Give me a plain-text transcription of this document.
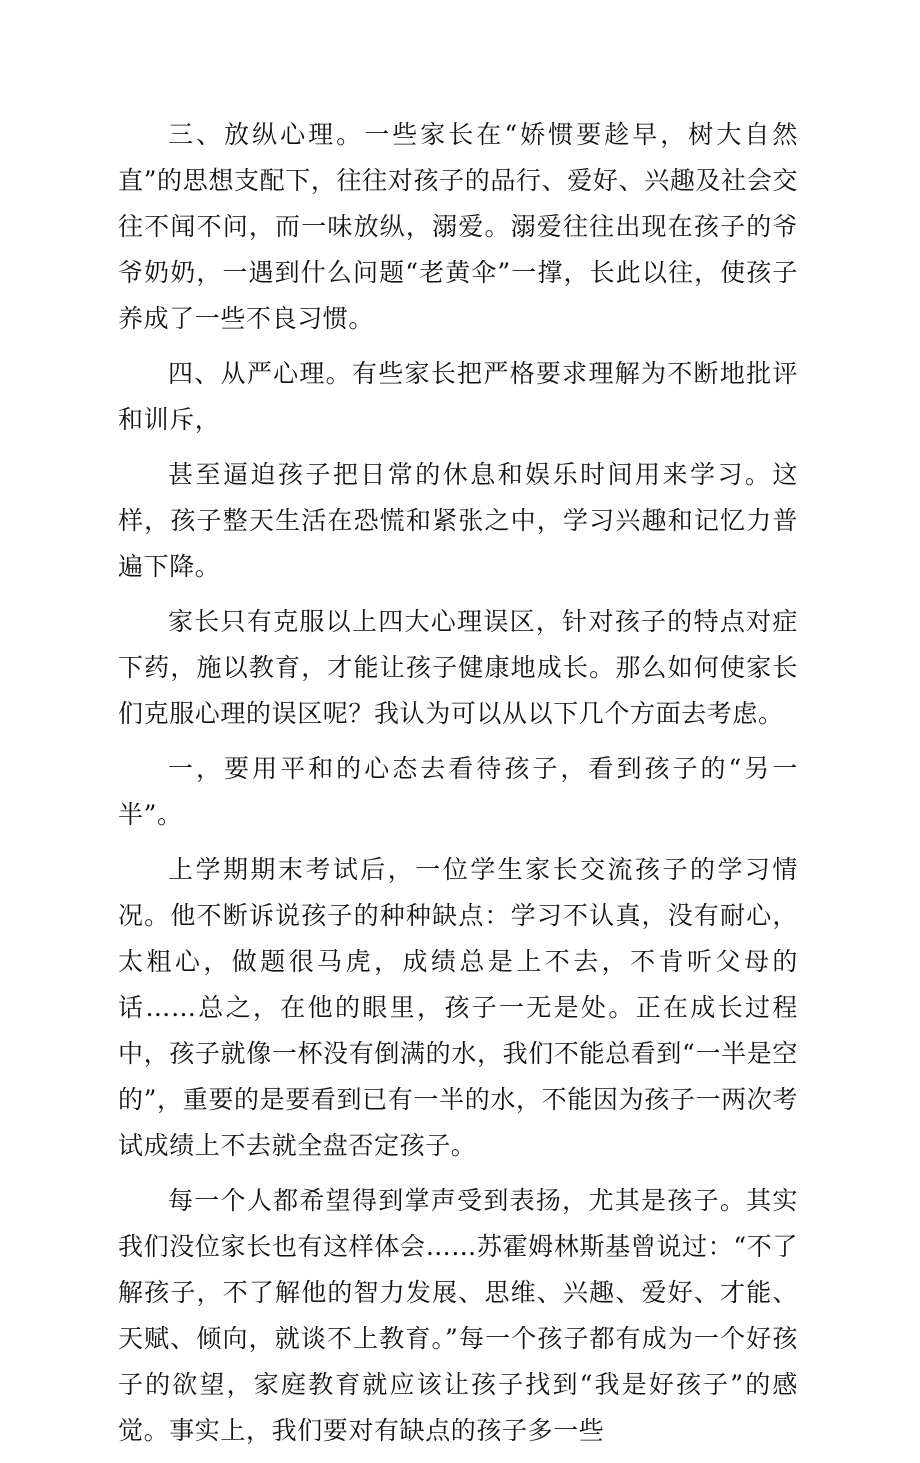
三、放纵心理。一些家长在“娇惯要趁早，树大自然直”的思想支配下，往往对孩子的品行、爱好、兴趣及社会交往不闻不问，而一味放纵，溺爱。溺爱往往出现在孩子的爷爷奶奶，一遇到什么问题“老黄伞”一撑，长此以往，使孩子养成了一些不良习惯。

四、从严心理。有些家长把严格要求理解为不断地批评和训斥，

甚至逼迫孩子把日常的休息和娱乐时间用来学习。这样，孩子整天生活在恐慌和紧张之中，学习兴趣和记忆力普遍下降。

家长只有克服以上四大心理误区，针对孩子的特点对症下药，施以教育，才能让孩子健康地成长。那么如何使家长们克服心理的误区呢？我认为可以从以下几个方面去考虑。

一，要用平和的心态去看待孩子，看到孩子的“另一半”。

上学期期末考试后，一位学生家长交流孩子的学习情况。他不断诉说孩子的种种缺点：学习不认真，没有耐心，太粗心，做题很马虎，成绩总是上不去，不肯听父母的话……总之，在他的眼里，孩子一无是处。正在成长过程中，孩子就像一杯没有倒满的水，我们不能总看到“一半是空的”，重要的是要看到已有一半的水，不能因为孩子一两次考试成绩上不去就全盘否定孩子。

每一个人都希望得到掌声受到表扬，尤其是孩子。其实我们没位家长也有这样体会……苏霍姆林斯基曾说过：“不了解孩子，不了解他的智力发展、思维、兴趣、爱好、才能、天赋、倾向，就谈不上教育。”每一个孩子都有成为一个好孩子的欲望，家庭教育就应该让孩子找到“我是好孩子”的感觉。事实上，我们要对有缺点的孩子多一些
